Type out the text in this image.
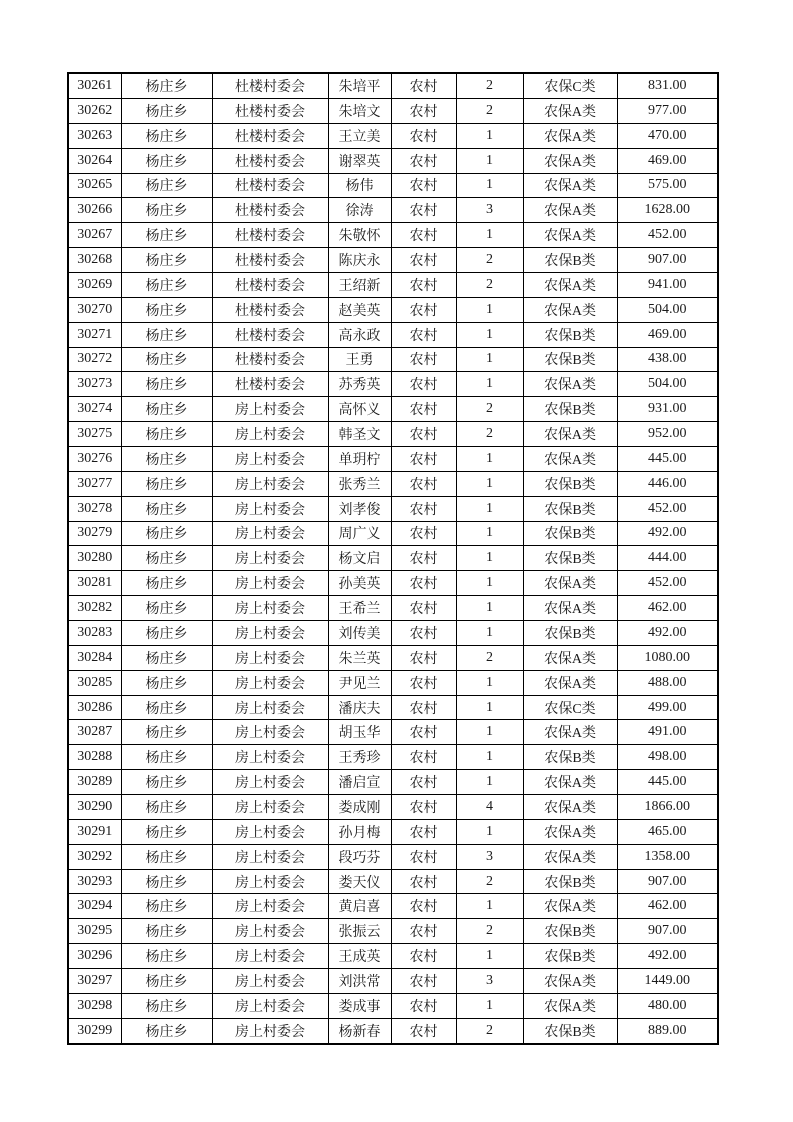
30261	杨庄乡	杜楼村委会	朱培平	农村	2	农保C类	831.00
30262	杨庄乡	杜楼村委会	朱培文	农村	2	农保A类	977.00
30263	杨庄乡	杜楼村委会	王立美	农村	1	农保A类	470.00
30264	杨庄乡	杜楼村委会	谢翠英	农村	1	农保A类	469.00
30265	杨庄乡	杜楼村委会	杨伟	农村	1	农保A类	575.00
30266	杨庄乡	杜楼村委会	徐涛	农村	3	农保A类	1628.00
30267	杨庄乡	杜楼村委会	朱敬怀	农村	1	农保A类	452.00
30268	杨庄乡	杜楼村委会	陈庆永	农村	2	农保B类	907.00
30269	杨庄乡	杜楼村委会	王绍新	农村	2	农保A类	941.00
30270	杨庄乡	杜楼村委会	赵美英	农村	1	农保A类	504.00
30271	杨庄乡	杜楼村委会	高永政	农村	1	农保B类	469.00
30272	杨庄乡	杜楼村委会	王勇	农村	1	农保B类	438.00
30273	杨庄乡	杜楼村委会	苏秀英	农村	1	农保A类	504.00
30274	杨庄乡	房上村委会	高怀义	农村	2	农保B类	931.00
30275	杨庄乡	房上村委会	韩圣文	农村	2	农保A类	952.00
30276	杨庄乡	房上村委会	单玥柠	农村	1	农保A类	445.00
30277	杨庄乡	房上村委会	张秀兰	农村	1	农保B类	446.00
30278	杨庄乡	房上村委会	刘孝俊	农村	1	农保B类	452.00
30279	杨庄乡	房上村委会	周广义	农村	1	农保B类	492.00
30280	杨庄乡	房上村委会	杨文启	农村	1	农保B类	444.00
30281	杨庄乡	房上村委会	孙美英	农村	1	农保A类	452.00
30282	杨庄乡	房上村委会	王希兰	农村	1	农保A类	462.00
30283	杨庄乡	房上村委会	刘传美	农村	1	农保B类	492.00
30284	杨庄乡	房上村委会	朱兰英	农村	2	农保A类	1080.00
30285	杨庄乡	房上村委会	尹见兰	农村	1	农保A类	488.00
30286	杨庄乡	房上村委会	潘庆夫	农村	1	农保C类	499.00
30287	杨庄乡	房上村委会	胡玉华	农村	1	农保A类	491.00
30288	杨庄乡	房上村委会	王秀珍	农村	1	农保B类	498.00
30289	杨庄乡	房上村委会	潘启宣	农村	1	农保A类	445.00
30290	杨庄乡	房上村委会	娄成刚	农村	4	农保A类	1866.00
30291	杨庄乡	房上村委会	孙月梅	农村	1	农保A类	465.00
30292	杨庄乡	房上村委会	段巧芬	农村	3	农保A类	1358.00
30293	杨庄乡	房上村委会	娄天仪	农村	2	农保B类	907.00
30294	杨庄乡	房上村委会	黄启喜	农村	1	农保A类	462.00
30295	杨庄乡	房上村委会	张振云	农村	2	农保B类	907.00
30296	杨庄乡	房上村委会	王成英	农村	1	农保B类	492.00
30297	杨庄乡	房上村委会	刘洪常	农村	3	农保A类	1449.00
30298	杨庄乡	房上村委会	娄成事	农村	1	农保A类	480.00
30299	杨庄乡	房上村委会	杨新春	农村	2	农保B类	889.00
